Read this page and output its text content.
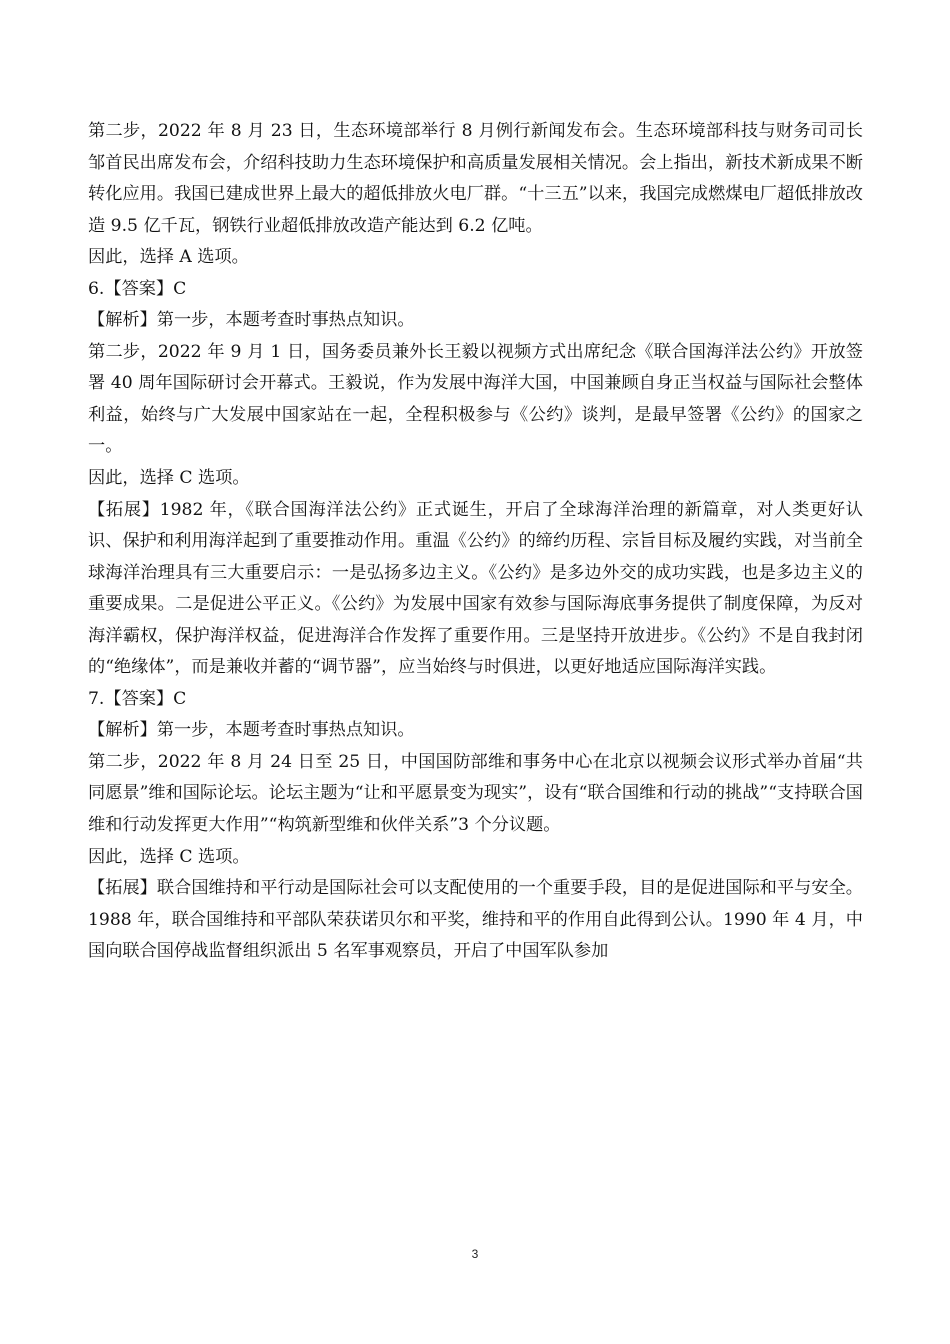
第二步，2022 年 8 月 23 日，生态环境部举行 8 月例行新闻发布会。生态环境部科技与财务司司长邹首民出席发布会，介绍科技助力生态环境保护和高质量发展相关情况。会上指出，新技术新成果不断转化应用。我国已建成世界上最大的超低排放火电厂群。“十三五”以来，我国完成燃煤电厂超低排放改造 9.5 亿千瓦，钢铁行业超低排放改造产能达到 6.2 亿吨。

因此，选择 A 选项。

6.【答案】C

【解析】第一步，本题考查时事热点知识。

第二步，2022 年 9 月 1 日，国务委员兼外长王毅以视频方式出席纪念《联合国海洋法公约》开放签署 40 周年国际研讨会开幕式。王毅说，作为发展中海洋大国，中国兼顾自身正当权益与国际社会整体利益，始终与广大发展中国家站在一起，全程积极参与《公约》谈判，是最早签署《公约》的国家之一。

因此，选择 C 选项。

【拓展】1982 年，《联合国海洋法公约》正式诞生，开启了全球海洋治理的新篇章，对人类更好认识、保护和利用海洋起到了重要推动作用。重温《公约》的缔约历程、宗旨目标及履约实践，对当前全球海洋治理具有三大重要启示：一是弘扬多边主义。《公约》是多边外交的成功实践，也是多边主义的重要成果。二是促进公平正义。《公约》为发展中国家有效参与国际海底事务提供了制度保障，为反对海洋霸权，保护海洋权益，促进海洋合作发挥了重要作用。三是坚持开放进步。《公约》不是自我封闭的“绝缘体”，而是兼收并蓄的“调节器”，应当始终与时俱进，以更好地适应国际海洋实践。

7.【答案】C

【解析】第一步，本题考查时事热点知识。

第二步，2022 年 8 月 24 日至 25 日，中国国防部维和事务中心在北京以视频会议形式举办首届“共同愿景”维和国际论坛。论坛主题为“让和平愿景变为现实”，设有“联合国维和行动的挑战”“支持联合国维和行动发挥更大作用”“构筑新型维和伙伴关系”3 个分议题。

因此，选择 C 选项。

【拓展】联合国维持和平行动是国际社会可以支配使用的一个重要手段，目的是促进国际和平与安全。1988 年，联合国维持和平部队荣获诺贝尔和平奖，维持和平的作用自此得到公认。1990 年 4 月，中国向联合国停战监督组织派出 5 名军事观察员，开启了中国军队参加

3
